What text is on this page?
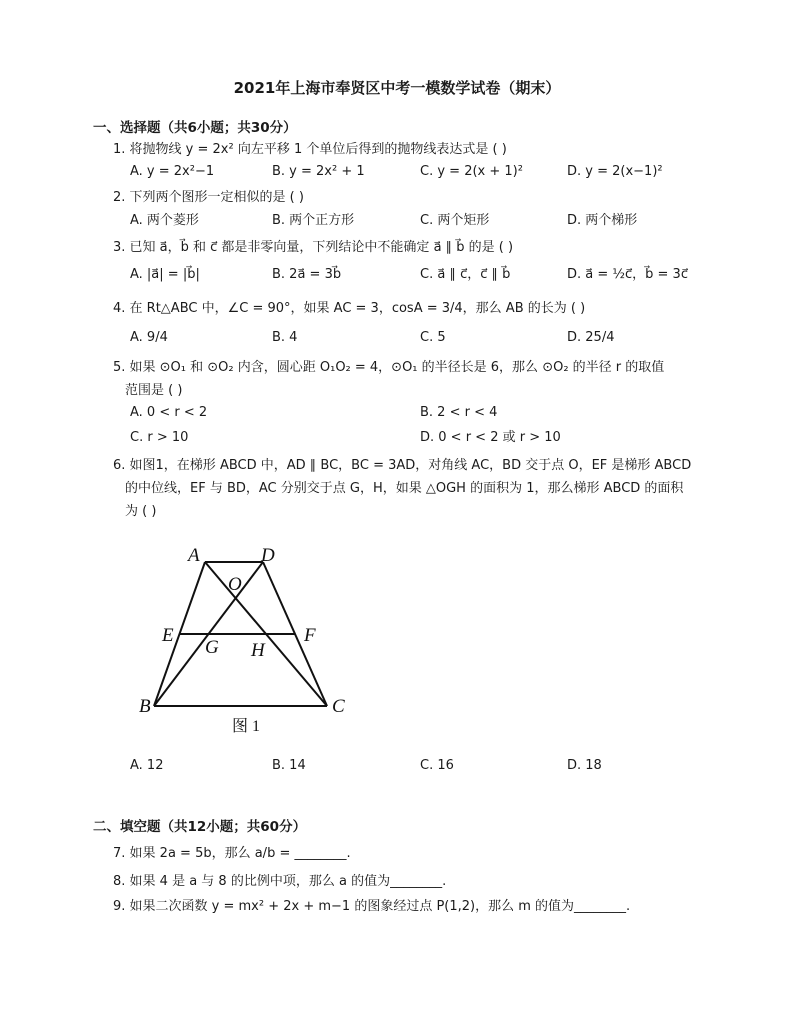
2021年上海市奉贤区中考一模数学试卷（期末）
一、选择题（共6小题；共30分）
1. 将抛物线 y = 2x² 向左平移 1 个单位后得到的抛物线表达式是 ( )
A. y = 2x²−1	B. y = 2x² + 1	C. y = 2(x + 1)²	D. y = 2(x−1)²
2. 下列两个图形一定相似的是 ( )
A. 两个菱形	B. 两个正方形	C. 两个矩形	D. 两个梯形
3. 已知 a⃗，b⃗ 和 c⃗ 都是非零向量，下列结论中不能确定 a⃗ ∥ b⃗ 的是 ( )
A. |a⃗| = |b⃗|	B. 2a⃗ = 3b⃗	C. a⃗ ∥ c⃗，c⃗ ∥ b⃗	D. a⃗ = ½c⃗，b⃗ = 3c⃗
4. 在 Rt△ABC 中，∠C = 90°，如果 AC = 3，cosA = 3/4，那么 AB 的长为 ( )
A. 9/4	B. 4	C. 5	D. 25/4
5. 如果 ⊙O₁ 和 ⊙O₂ 内含，圆心距 O₁O₂ = 4，⊙O₁ 的半径长是 6，那么 ⊙O₂ 的半径 r 的取值
范围是 ( )
A. 0 < r < 2	B. 2 < r < 4
C. r > 10	D. 0 < r < 2 或 r > 10
6. 如图1，在梯形 ABCD 中，AD ∥ BC，BC = 3AD，对角线 AC，BD 交于点 O，EF 是梯形 ABCD
的中位线，EF 与 BD，AC 分别交于点 G，H，如果 △OGH 的面积为 1，那么梯形 ABCD 的面积
为 ( )
A	D
O
E	F
G H
B	C
图 1
A. 12	B. 14	C. 16	D. 18
二、填空题（共12小题；共60分）
7. 如果 2a = 5b，那么 a/b = ________.
8. 如果 4 是 a 与 8 的比例中项，那么 a 的值为________.
9. 如果二次函数 y = mx² + 2x + m−1 的图象经过点 P(1,2)，那么 m 的值为________.
